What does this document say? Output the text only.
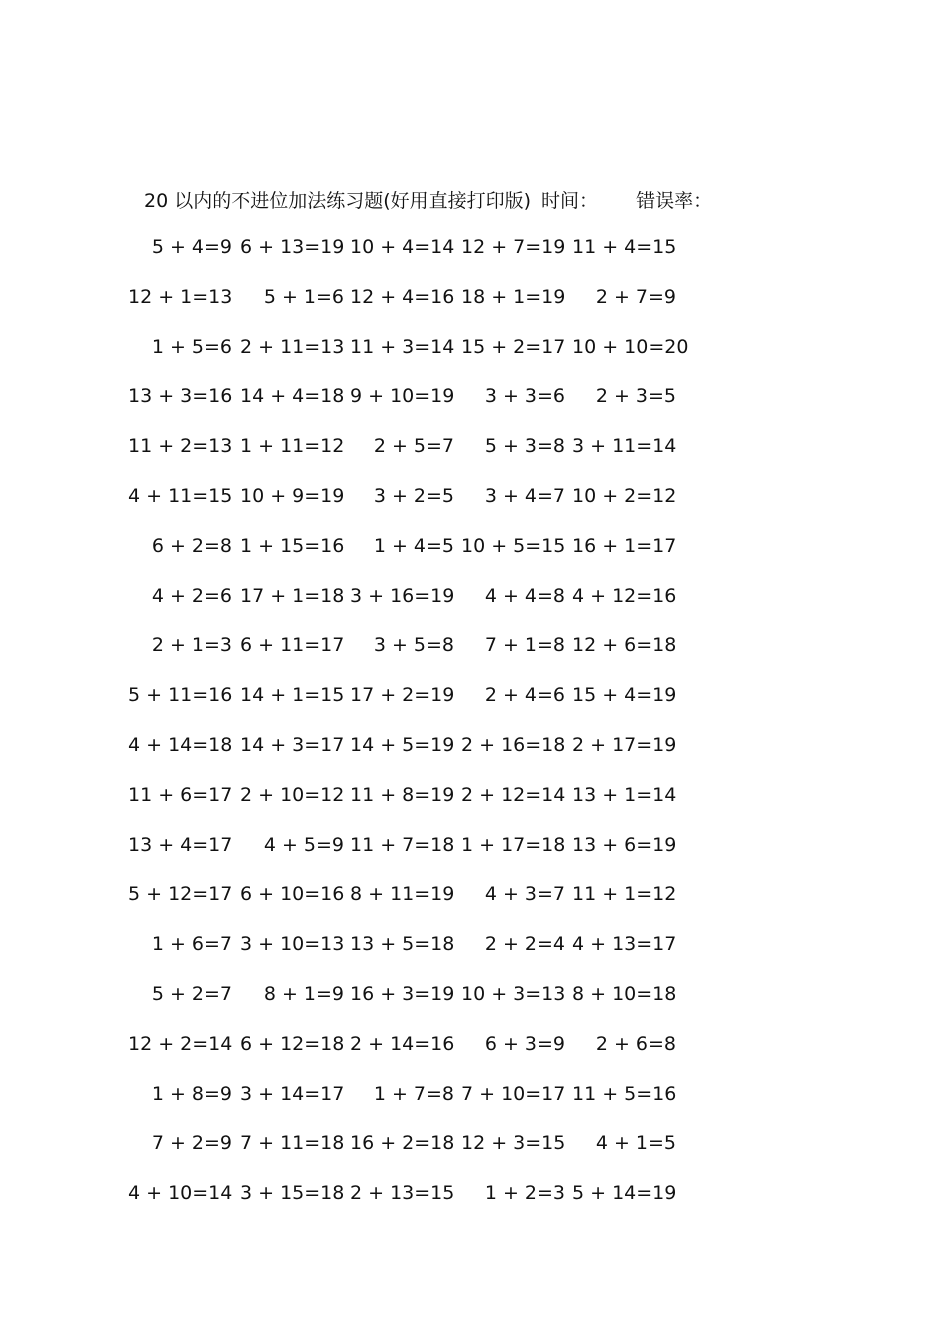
20 以内的不进位加法练习题(好用直接打印版) 时间： 错误率：
5 + 4=9 6 + 13=19 10 + 4=14 12 + 7=19 11 + 4=15
12 + 1=13	5 + 1=6 12 + 4=16 18 + 1=19	2 + 7=9
1 + 5=6 2 + 11=13 11 + 3=14 15 + 2=17 10 + 10=20
13 + 3=16 14 + 4=18 9 + 10=19	3 + 3=6	2 + 3=5
11 + 2=13 1 + 11=12	2 + 5=7	5 + 3=8 3 + 11=14
4 + 11=15 10 + 9=19	3 + 2=5	3 + 4=7 10 + 2=12
6 + 2=8 1 + 15=16	1 + 4=5 10 + 5=15 16 + 1=17
4 + 2=6 17 + 1=18 3 + 16=19	4 + 4=8 4 + 12=16
2 + 1=3 6 + 11=17	3 + 5=8	7 + 1=8 12 + 6=18
5 + 11=16 14 + 1=15 17 + 2=19	2 + 4=6 15 + 4=19
4 + 14=18 14 + 3=17 14 + 5=19 2 + 16=18 2 + 17=19
11 + 6=17 2 + 10=12 11 + 8=19 2 + 12=14 13 + 1=14
13 + 4=17	4 + 5=9 11 + 7=18 1 + 17=18 13 + 6=19
5 + 12=17 6 + 10=16 8 + 11=19	4 + 3=7 11 + 1=12
1 + 6=7 3 + 10=13 13 + 5=18	2 + 2=4 4 + 13=17
5 + 2=7	8 + 1=9 16 + 3=19 10 + 3=13 8 + 10=18
12 + 2=14 6 + 12=18 2 + 14=16	6 + 3=9	2 + 6=8
1 + 8=9 3 + 14=17	1 + 7=8 7 + 10=17 11 + 5=16
7 + 2=9 7 + 11=18 16 + 2=18 12 + 3=15	4 + 1=5
4 + 10=14 3 + 15=18 2 + 13=15	1 + 2=3 5 + 14=19
